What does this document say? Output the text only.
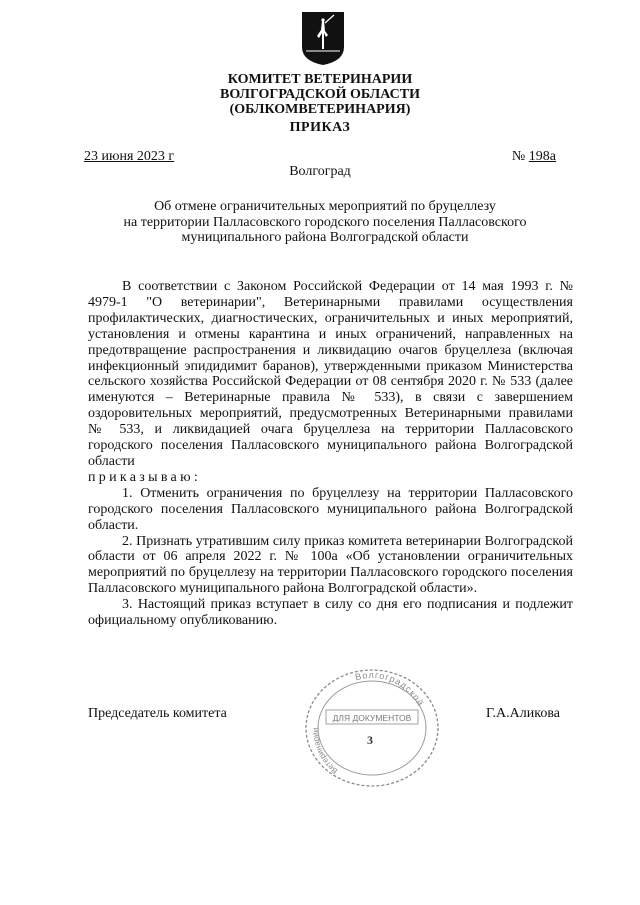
КОМИТЕТ ВЕТЕРИНАРИИ
ВОЛГОГРАДСКОЙ ОБЛАСТИ
(ОБЛКОМВЕТЕРИНАРИЯ)
ПРИКАЗ
23 июня 2023 г	№ 198а
Волгоград
Об отмене ограничительных мероприятий по бруцеллезу
на территории Палласовского городского поселения Палласовского
муниципального района Волгоградской области

В соответствии с Законом Российской Федерации от 14 мая 1993 г. № 4979-1 "О ветеринарии", Ветеринарными правилами осуществления профилактических, диагностических, ограничительных и иных мероприятий, установления и отмены карантина и иных ограничений, направленных на предотвращение распространения и ликвидацию очагов бруцеллеза (включая инфекционный эпидидимит баранов), утвержденными приказом Министерства сельского хозяйства Российской Федерации от 08 сентября 2020 г. № 533 (далее именуются – Ветеринарные правила № 533), в связи с завершением оздоровительных мероприятий, предусмотренных Ветеринарными правилами № 533, и ликвидацией очага бруцеллеза на территории Палласовского городского поселения Палласовского муниципального района Волгоградской области

приказываю:

1. Отменить ограничения по бруцеллезу на территории Палласовского городского поселения Палласовского муниципального района Волгоградской области.

2. Признать утратившим силу приказ комитета ветеринарии Волгоградской области от 06 апреля 2022 г. № 100а «Об установлении ограничительных мероприятий по бруцеллезу на территории Палласовского городского поселения Палласовского муниципального района Волгоградской области».

3. Настоящий приказ вступает в силу со дня его подписания и подлежит официальному опубликованию.

Председатель комитета	Г.А.Аликова
Волгоградской
Ветеринарии
ДЛЯ ДОКУМЕНТОВ
3
